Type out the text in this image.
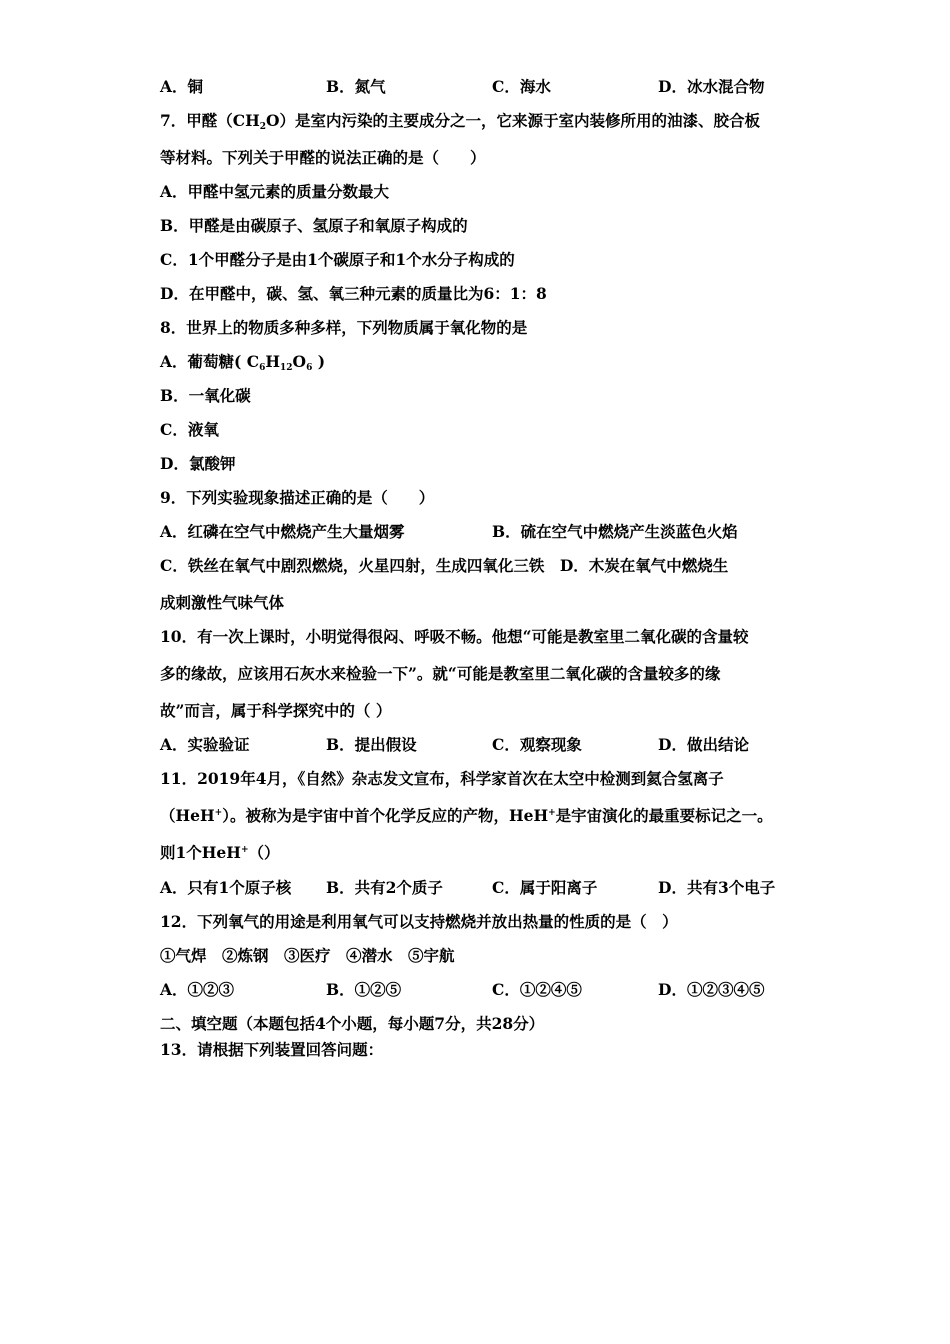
A．铜	B．氮气	C．海水	D．冰水混合物
7．甲醛$(CH_2O)$是室内污染的主要成分之一，它来源于室内装修所用的油漆、胶合板
等材料。下列关于甲醛的说法正确的是（　　）
A．甲醛中氢元素的质量分数最大
B．甲醛是由碳原子、氢原子和氧原子构成的
C．1个甲醛分子是由1个碳原子和1个水分子构成的
D．在甲醛中，碳、氢、氧三种元素的质量比为6：1：8
8．世界上的物质多种多样，下列物质属于氧化物的是
A．葡萄糖( $C_6H_{12}O_6$ )
B．一氧化碳
C．液氧
D．氯酸钾
9．下列实验现象描述正确的是（　　）
A．红磷在空气中燃烧产生大量烟雾	B．硫在空气中燃烧产生淡蓝色火焰
C．铁丝在氧气中剧烈燃烧，火星四射，生成四氧化三铁　D．木炭在氧气中燃烧生
成刺激性气味气体
10．有一次上课时，小明觉得很闷、呼吸不畅。他想“可能是教室里二氧化碳的含量较
多的缘故，应该用石灰水来检验一下”。就“可能是教室里二氧化碳的含量较多的缘
故”而言，属于科学探究中的（ ）
A．实验验证	B．提出假设	C．观察现象	D．做出结论
11．2019年4月，《自然》杂志发文宣布，科学家首次在太空中检测到氦合氢离子
（HeH+）。被称为是宇宙中首个化学反应的产物，HeH+是宇宙演化的最重要标记之一。
则1个HeH+（）
A．只有1个原子核 B．共有2个质子	C．属于阳离子	D．共有3个电子
12．下列氧气的用途是利用氧气可以支持燃烧并放出热量的性质的是（　）
①气焊　②炼钢　③医疗　④潜水　⑤宇航
A．①②③	B．①②⑤	C．①②④⑤	D．①②③④⑤
二、填空题（本题包括4个小题，每小题7分，共28分）
13．请根据下列装置回答问题：
